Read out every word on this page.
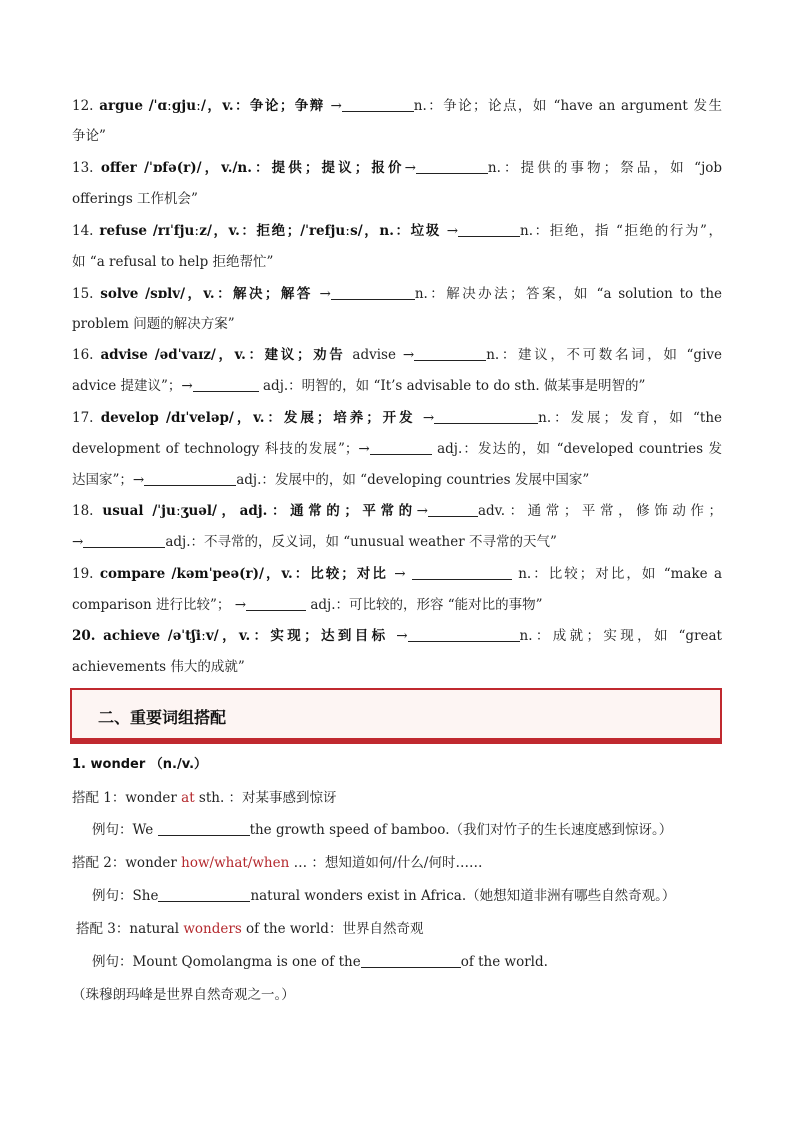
12. argue /ˈɑːɡjuː/，v.：争论；争辩 →	n.：争论；论点，如 “have an argument 发生
争论”
13. offer /ˈɒfə(r)/，v./n.：提供；提议；报价→	n.：提供的事物；祭品，如 “job
offerings 工作机会”
14. refuse /rɪˈfjuːz/，v.：拒绝；/ˈrefjuːs/，n.：垃圾 →	n.：拒绝，指 “拒绝的行为”，
如 “a refusal to help 拒绝帮忙”
15. solve /sɒlv/，v.：解决；解答 →	n.：解决办法；答案，如 “a solution to the
problem 问题的解决方案”
16. advise /ədˈvaɪz/，v.：建议；劝告 advise →	n.：建议，不可数名词，如 “give
advice 提建议”；→	adj.：明智的，如 “It’s advisable to do sth. 做某事是明智的”
17. develop /dɪˈveləp/，v.：发展；培养；开发 →	n.：发展；发育，如 “the
development of technology 科技的发展”；→	adj.：发达的，如 “developed countries 发
达国家”；→	adj.：发展中的，如 “developing countries 发展中国家”
18. usual /ˈjuːʒuəl/，adj.：通常的；平常的→	adv.：通常；平常，修饰动作；
→	adj.：不寻常的，反义词，如 “unusual weather 不寻常的天气”
19. compare /kəmˈpeə(r)/，v.：比较；对比 →	n.：比较；对比，如 “make a
comparison 进行比较”； →	adj.：可比较的，形容 “能对比的事物”
20. achieve /əˈtʃiːv/，v.：实现；达到目标 →	n.：成就；实现，如 “great
achievements 伟大的成就”
二、重要词组搭配
1. wonder （n./v.）
搭配 1：wonder at sth. ：对某事感到惊讶
例句：We	the growth speed of bamboo.（我们对竹子的生长速度感到惊讶。）
搭配 2：wonder how/what/when … ：想知道如何/什么/何时……
例句：She	natural wonders exist in Africa.（她想知道非洲有哪些自然奇观。）
搭配 3：natural wonders of the world：世界自然奇观
例句：Mount Qomolangma is one of the	of the world.
（珠穆朗玛峰是世界自然奇观之一。）
